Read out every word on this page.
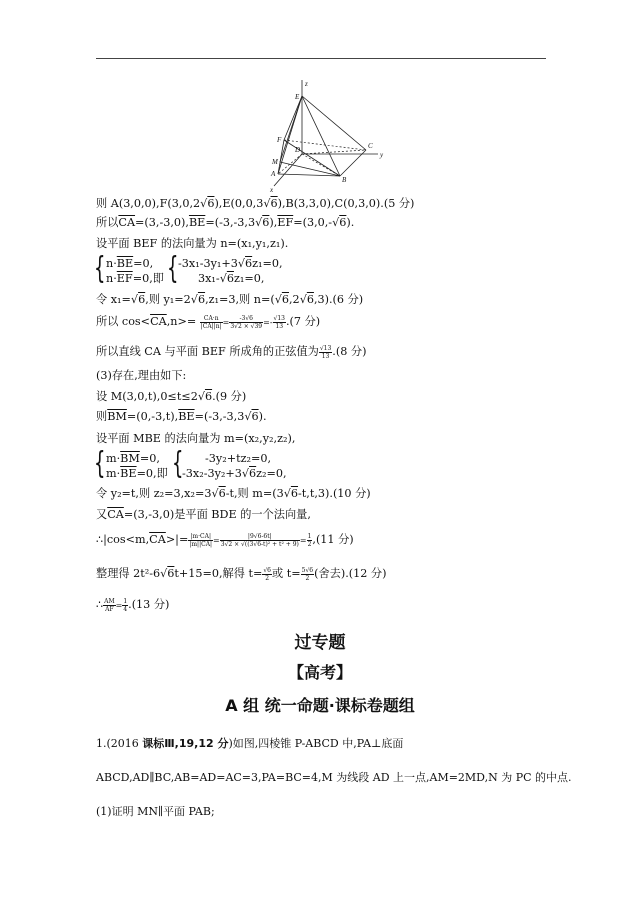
z
E
F
D
M
A
B
C
y
x
则 A(3,0,0),F(3,0,2√6),E(0,0,3√6),B(3,3,0),C(0,3,0).(5 分)
所以$\overline{CA}=(3,-3,0),\overline{BE}=(-3,-3,3√6),\overline{EF}=(3,0,-√6)$.
设平面 BEF 的法向量为 n=(x₁,y₁,z₁).
{ $n\cdot\overline{BE}=0$,
$n\cdot\overline{EF}=0$,即 { -3x₁-3y₁+3√6z₁=0,
3x₁-√6z₁=0,
令 x₁=√6,则 y₁=2√6,z₁=3,则 n=(√6,2√6,3).(6 分)
所以 $\cos<\overline{CA},n>= \frac{CA\cdot n}{|CA||n|} = \frac{-3√6}{3√2 \times √39} =- \frac{√13}{13} .(7$ 分)
所以直线 CA 与平面 BEF 所成角的正弦值为 $\frac{√13}{13} .(8$ 分)
(3)存在,理由如下:
设 M(3,0,t),0≤t≤2√6.(9 分)
则$\overline{BM}=(0,-3,t),\overline{BE}=(-3,-3,3√6)$.
设平面 MBE 的法向量为 m=(x₂,y₂,z₂),
{ $m\cdot\overline{BM}=0$,
$m\cdot\overline{BE}=0$,即 { -3y₂+tz₂=0,
-3x₂-3y₂+3√6z₂=0,
令 y₂=t,则 z₂=3,x₂=3√6-t,则 m=(3√6-t,t,3).(10 分)
又$\overline{CA}=(3,-3,0)$是平面 BDE 的一个法向量,
$\therefore|\cos<m,\overline{CA}>|= \frac{|m\cdot CA|}{|m||CA|} = \frac{|9√6-6t|}{\text{3√2 × √((3√6-t)² + t² + 9)}} = \frac{1}{2} ,(11$ 分)
整理得 2t²-6√6t+15=0,解得 $t= \frac{√6}{2}$ 或 $t= \frac{5√6}{2}$ (舍去).(12 分)
∴ $\frac{AM}{AF} = \frac{1}{4} .(13$ 分)
过专题
【高考】
A 组 统一命题·课标卷题组
1.(2016 课标Ⅲ,19,12 分)如图,四棱锥 P-ABCD 中,PA⊥底面
ABCD,AD∥BC,AB=AD=AC=3,PA=BC=4,M 为线段 AD 上一点,AM=2MD,N 为 PC 的中点.
(1)证明 MN∥平面 PAB;
